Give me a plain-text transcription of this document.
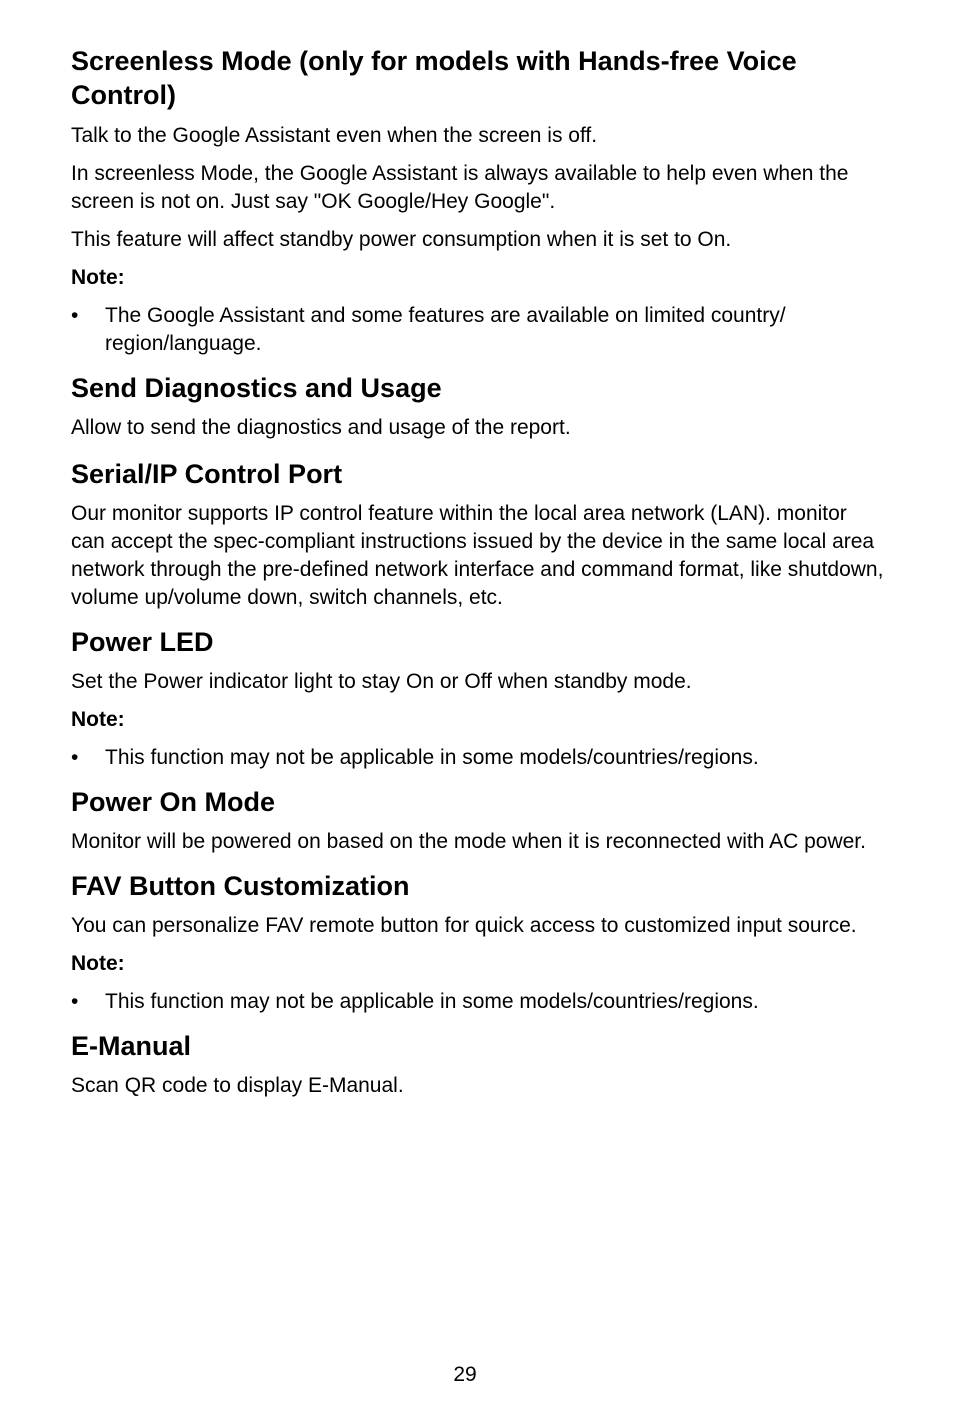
Screenless Mode (only for models with Hands-free Voice Control)

Talk to the Google Assistant even when the screen is off.

In screenless Mode, the Google Assistant is always available to help even when the screen is not on. Just say "OK Google/Hey Google".

This feature will affect standby power consumption when it is set to On.

Note:

• The Google Assistant and some features are available on limited country/ region/language.
Send Diagnostics and Usage

Allow to send the diagnostics and usage of the report.

Serial/IP Control Port

Our monitor supports IP control feature within the local area network (LAN). monitor can accept the spec-compliant instructions issued by the device in the same local area network through the pre-defined network interface and command format, like shutdown, volume up/volume down, switch channels, etc.

Power LED

Set the Power indicator light to stay On or Off when standby mode.

Note:

• This function may not be applicable in some models/countries/regions.
Power On Mode

Monitor will be powered on based on the mode when it is reconnected with AC power.

FAV Button Customization

You can personalize FAV remote button for quick access to customized input source.

Note:

• This function may not be applicable in some models/countries/regions.
E-Manual

Scan QR code to display E-Manual.

29
